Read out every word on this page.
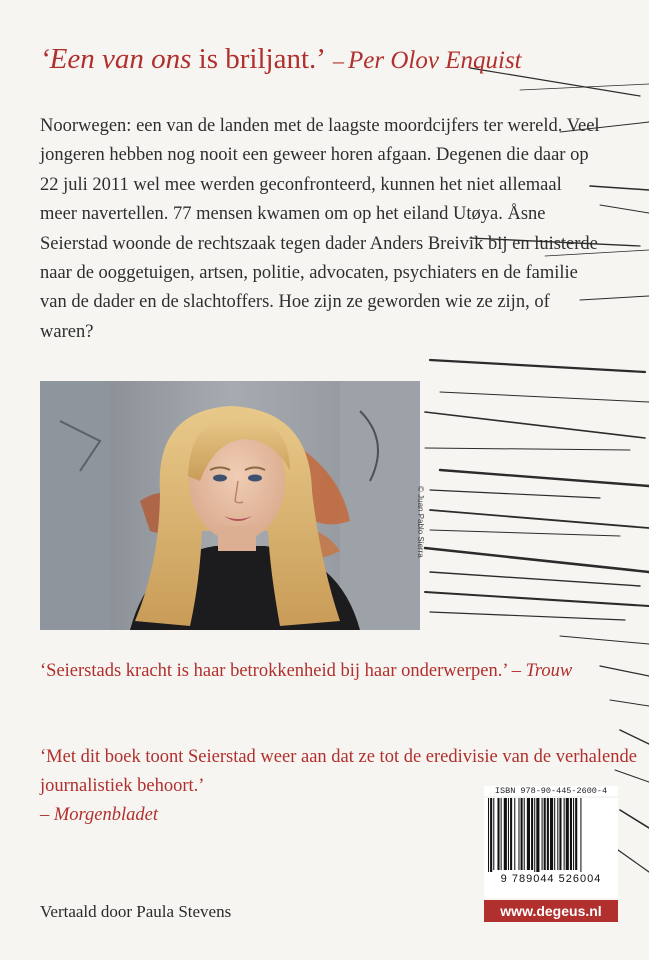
‘Een van ons is briljant.’ – Per Olov Enquist

Noorwegen: een van de landen met de laagste moordcijfers ter wereld. Veel jongeren hebben nog nooit een geweer horen afgaan. Degenen die daar op 22 juli 2011 wel mee werden geconfronteerd, kunnen het niet allemaal meer navertellen. 77 mensen kwamen om op het eiland Utøya. Åsne Seierstad woonde de rechtszaak tegen dader Anders Breivik bij en luisterde naar de ooggetuigen, artsen, politie, advocaten, psychiaters en de familie van de dader en de slachtoffers. Hoe zijn ze geworden wie ze zijn, of waren?

© Juan Pablo Sierra

‘Seierstads kracht is haar betrokkenheid bij haar onderwerpen.’ – Trouw

‘Met dit boek toont Seierstad weer aan dat ze tot de eredivisie van de verhalende journalistiek behoort.’

– Morgenbladet

Vertaald door Paula Stevens
ISBN 978-90-445-2600-4
9 789044 526004
www.degeus.nl
